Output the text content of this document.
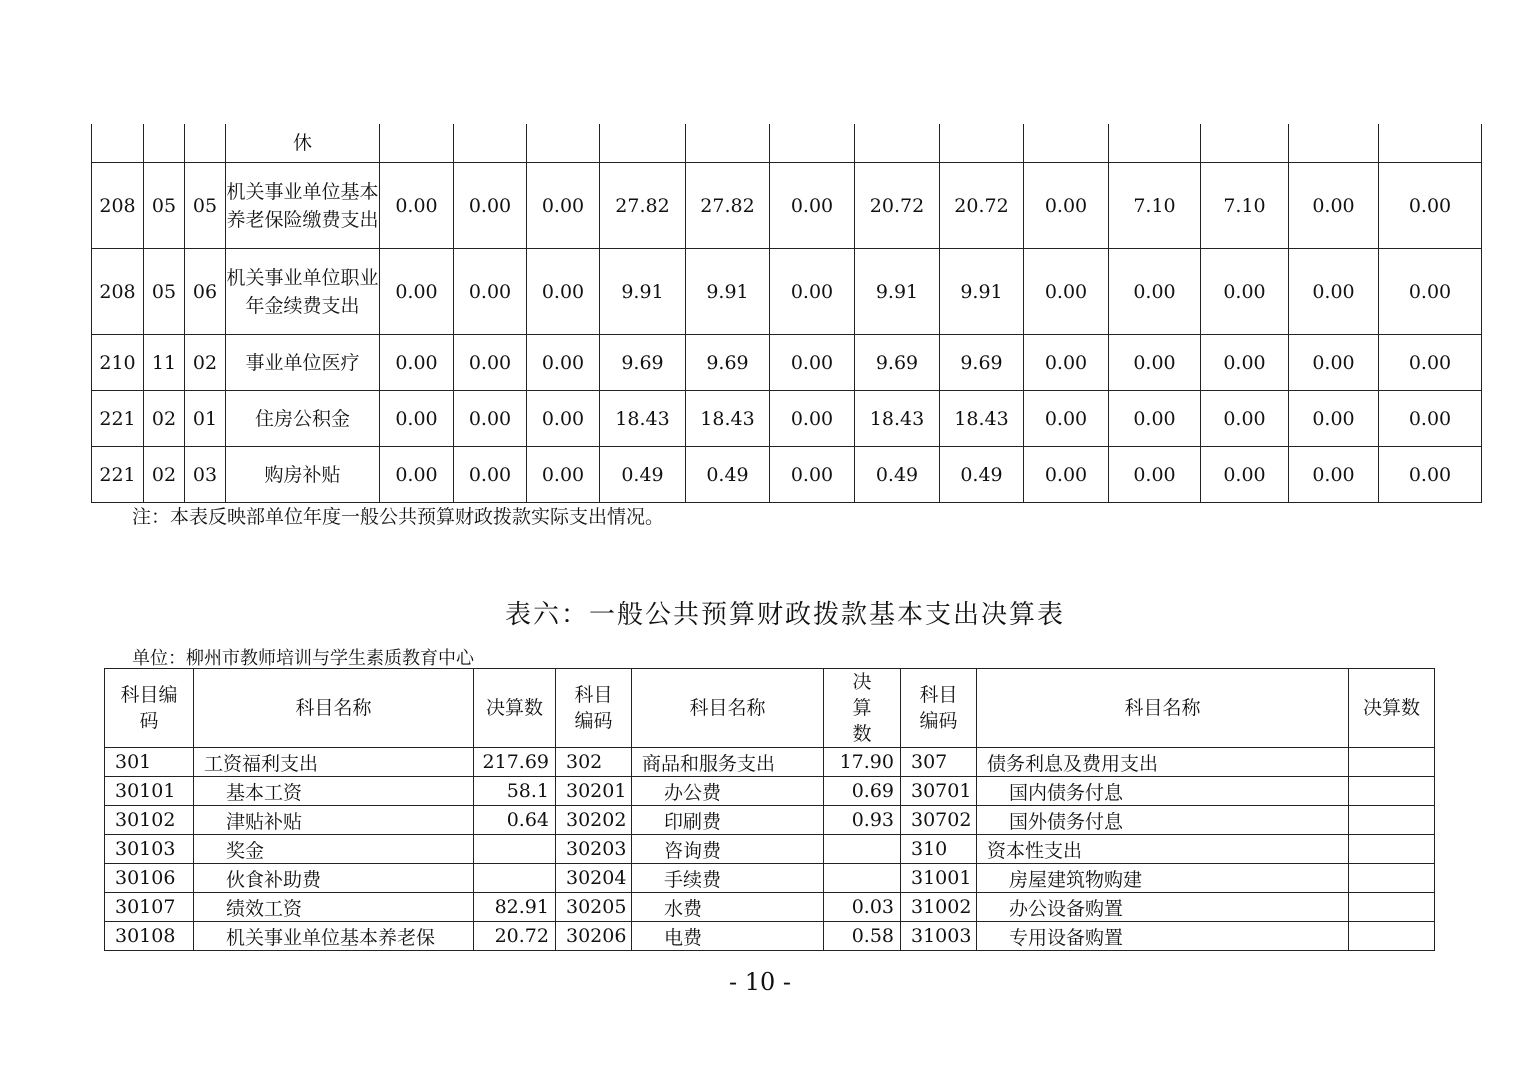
			休													
208	05	05	机关事业单位基本养老保险缴费支出	0.00	0.00	0.00	27.82	27.82	0.00	20.72	20.72	0.00	7.10	7.10	0.00	0.00
208	05	06	机关事业单位职业年金续费支出	0.00	0.00	0.00	9.91	9.91	0.00	9.91	9.91	0.00	0.00	0.00	0.00	0.00
210	11	02	事业单位医疗	0.00	0.00	0.00	9.69	9.69	0.00	9.69	9.69	0.00	0.00	0.00	0.00	0.00
221	02	01	住房公积金	0.00	0.00	0.00	18.43	18.43	0.00	18.43	18.43	0.00	0.00	0.00	0.00	0.00
221	02	03	购房补贴	0.00	0.00	0.00	0.49	0.49	0.00	0.49	0.49	0.00	0.00	0.00	0.00	0.00
注：本表反映部单位年度一般公共预算财政拨款实际支出情况。
表六：一般公共预算财政拨款基本支出决算表
单位：柳州市教师培训与学生素质教育中心
科目编码	科目名称	决算数	科目编码	科目名称	决算数	科目编码	科目名称	决算数
301	工资福利支出	217.69	302	商品和服务支出	17.90	307	债务利息及费用支出	
30101	基本工资	58.1	30201	办公费	0.69	30701	国内债务付息	
30102	津贴补贴	0.64	30202	印刷费	0.93	30702	国外债务付息	
30103	奖金		30203	咨询费		310	资本性支出	
30106	伙食补助费		30204	手续费		31001	房屋建筑物购建	
30107	绩效工资	82.91	30205	水费	0.03	31002	办公设备购置	
30108	机关事业单位基本养老保	20.72	30206	电费	0.58	31003	专用设备购置	
- 10 -
